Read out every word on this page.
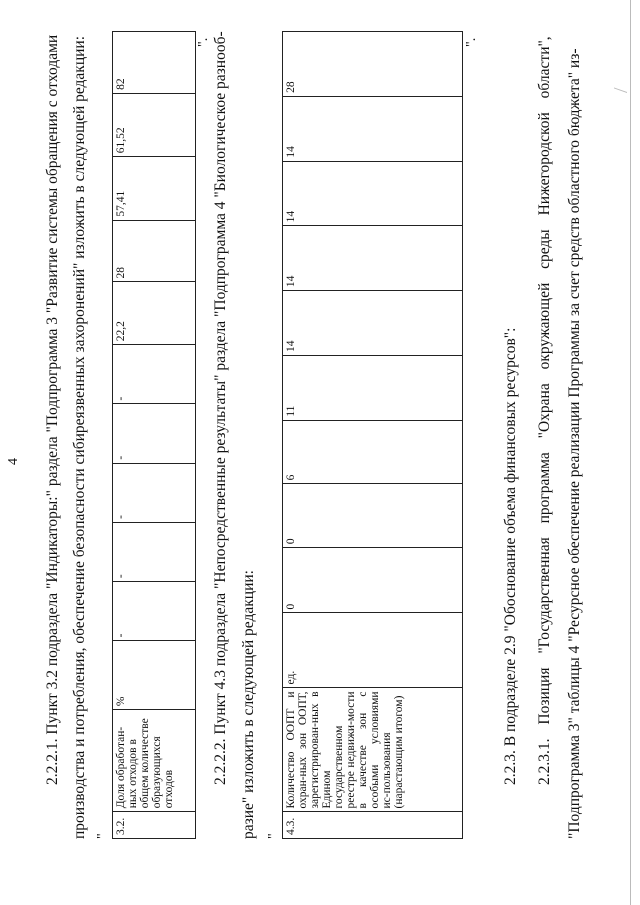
4 2.2.2.1. Пункт 3.2 подраздела "Индикаторы:" раздела "Подпрограмма 3 "Развитие системы обращения с отходами производства и потребления, обеспечение безопасности сибиреязвенных захоронений" изложить в следующей редакции: "
3.2.	Доля обработан-ных отходов в общем количестве образующихся отходов	%	-	-	-	-	-	22,2	28	57,41	61,52	82
". 2.2.2.2. Пункт 4.3 подраздела "Непосредственные результаты" раздела "Подпрограмма 4 "Биологическое разнооб- разие" изложить в следующей редакции: "
4.3.	Количество ООПТ и охран-ных зон ООПТ, зарегистрирован-ных в Едином государственном реестре недвижи-мости в качестве зон с особыми условиями ис-пользования (нарастающим итогом)	ед.	0	0	6	11	14	14	14	14	28
".
2.2.3. В подразделе 2.9 "Обоснование объема финансовых ресурсов": 2.2.3.1. Позиция "Государственная программа "Охрана окружающей среды Нижегородской области", "Подпрограмма 3" таблицы 4 "Ресурсное обеспечение реализации Программы за счет средств областного бюджета" из- /
